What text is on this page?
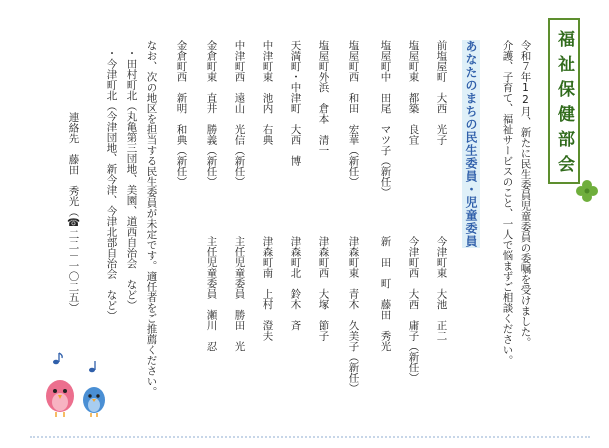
福祉保健部会
令和７年12月、新たに民生委員児童委員の委嘱を受けました。
介護、子育て、福祉サービスのこと、一人で悩まずご相談ください。
あなたのまちの民生委員・児童委員
前塩屋町　大西　光子
塩屋町東　都築　良宜
塩屋町中　田尾　マツ子（新任）
塩屋町西　和田　宏華（新任）
塩屋町外浜　倉本　清一
天満町・中津町　大西　博
中津町東　池内　右典
中津町西　遠山　光信（新任）
金倉町東　直井　勝義（新任）
金倉町西　新明　和典（新任）
今津町東　大池　正二
今津町西　大西　庸子（新任）
新　田　町　藤田　秀光
津森町東　青木　久美子（新任）
津森町西　大塚　節子
津森町北　鈴木　斉
津森町南　上村　澄夫
主任児童委員　勝田　光
主任児童委員　瀬川　忍
なお、次の地区を担当する民生委員が未定です。適任者をご推薦ください。
・田村町北（丸亀第三団地、美園、道西自治会　など）
・今津町北（今津団地、新今津、今津北部自治会　など）
連絡先　藤田　秀光（☎二二－一〇二五）
